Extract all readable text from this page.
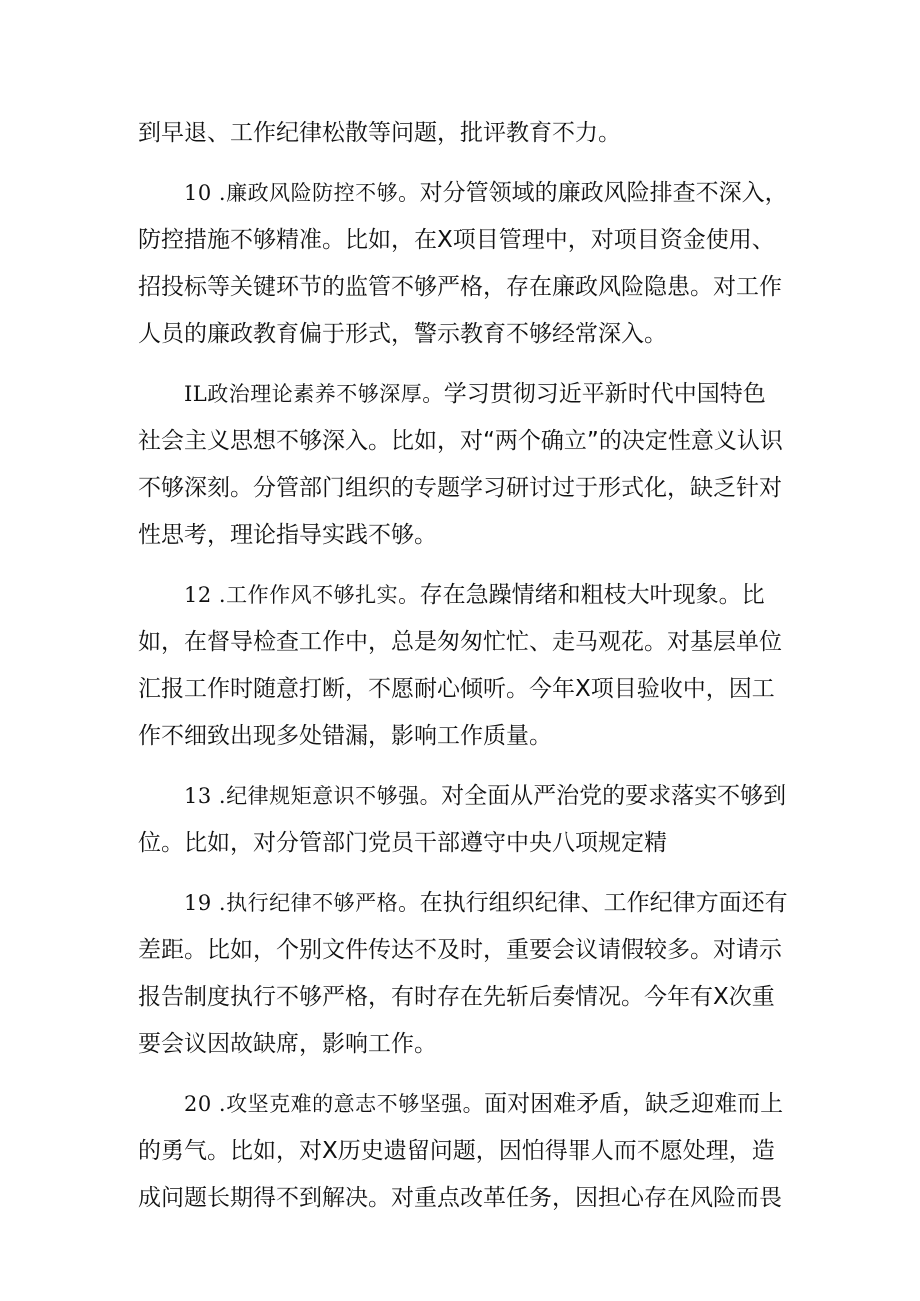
到早退、工作纪律松散等问题，批评教育不力。

10 .廉政风险防控不够。对分管领域的廉政风险排查不深入，防控措施不够精准。比如，在X项目管理中，对项目资金使用、招投标等关键环节的监管不够严格，存在廉政风险隐患。对工作人员的廉政教育偏于形式，警示教育不够经常深入。

IL政治理论素养不够深厚。学习贯彻习近平新时代中国特色社会主义思想不够深入。比如，对“两个确立”的决定性意义认识不够深刻。分管部门组织的专题学习研讨过于形式化，缺乏针对性思考，理论指导实践不够。

12 .工作作风不够扎实。存在急躁情绪和粗枝大叶现象。比如，在督导检查工作中，总是匆匆忙忙、走马观花。对基层单位汇报工作时随意打断，不愿耐心倾听。今年X项目验收中，因工作不细致出现多处错漏，影响工作质量。

13 .纪律规矩意识不够强。对全面从严治党的要求落实不够到位。比如，对分管部门党员干部遵守中央八项规定精

19 .执行纪律不够严格。在执行组织纪律、工作纪律方面还有差距。比如，个别文件传达不及时，重要会议请假较多。对请示报告制度执行不够严格，有时存在先斩后奏情况。今年有X次重要会议因故缺席，影响工作。

20 .攻坚克难的意志不够坚强。面对困难矛盾，缺乏迎难而上的勇气。比如，对X历史遗留问题，因怕得罪人而不愿处理，造成问题长期得不到解决。对重点改革任务，因担心存在风险而畏
